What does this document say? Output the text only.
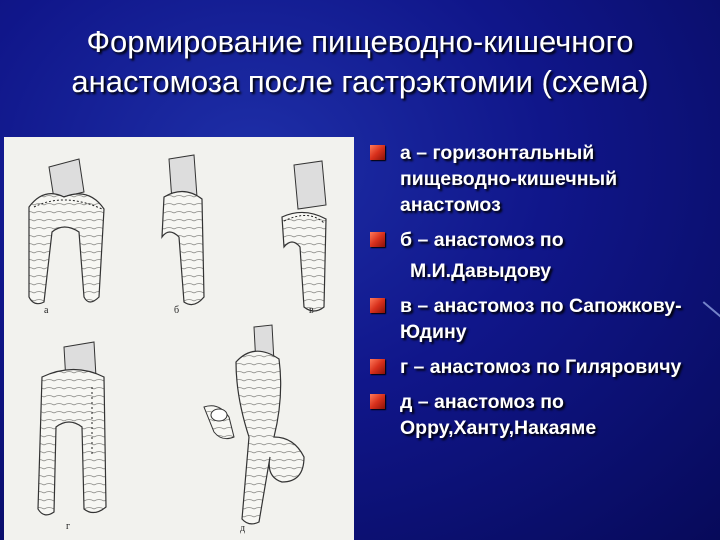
Формирование пищеводно-кишечного
анастомоза после гастрэктомии (схема)
а	б	в
г	д
а – горизонтальный пищеводно-кишечный анастомоз
б – анастомоз по
М.И.Давыдову
в – анастомоз по Сапожкову-Юдину
г – анастомоз по Гиляровичу
д – анастомоз по Орру,Ханту,Накаяме
